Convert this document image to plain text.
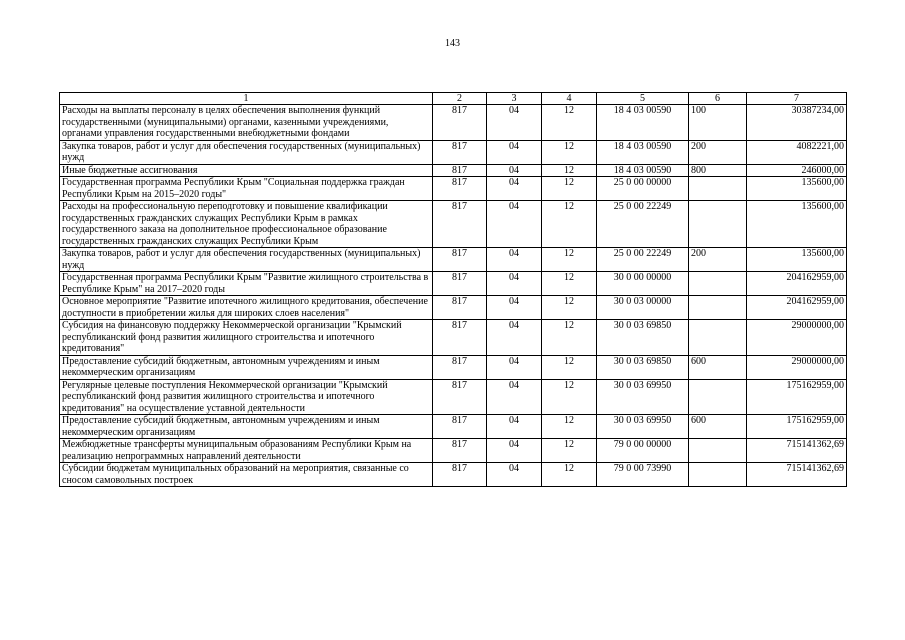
143
1	2	3	4	5	6	7
Расходы на выплаты персоналу в целях обеспечения выполнения функций государственными (муниципальными) органами, казенными учреждениями, органами управления государственными внебюджетными фондами	817	04	12	18 4 03 00590	100	30387234,00
Закупка товаров, работ и услуг для обеспечения государственных (муниципальных) нужд	817	04	12	18 4 03 00590	200	4082221,00
Иные бюджетные ассигнования	817	04	12	18 4 03 00590	800	246000,00
Государственная программа Республики Крым "Социальная поддержка граждан Республики Крым на 2015–2020 годы"	817	04	12	25 0 00 00000		135600,00
Расходы на профессиональную переподготовку и повышение квалификации государственных гражданских служащих Республики Крым в рамках государственного заказа на дополнительное профессиональное образование государственных гражданских служащих Республики Крым	817	04	12	25 0 00 22249		135600,00
Закупка товаров, работ и услуг для обеспечения государственных (муниципальных) нужд	817	04	12	25 0 00 22249	200	135600,00
Государственная программа Республики Крым "Развитие жилищного строительства в Республике Крым" на 2017–2020 годы	817	04	12	30 0 00 00000		204162959,00
Основное мероприятие "Развитие ипотечного жилищного кредитования, обеспечение доступности в приобретении жилья для широких слоев населения"	817	04	12	30 0 03 00000		204162959,00
Субсидия на финансовую поддержку Некоммерческой организации "Крымский республиканский фонд развития жилищного строительства и ипотечного кредитования"	817	04	12	30 0 03 69850		29000000,00
Предоставление субсидий бюджетным, автономным учреждениям и иным некоммерческим организациям	817	04	12	30 0 03 69850	600	29000000,00
Регулярные целевые поступления Некоммерческой организации "Крымский республиканский фонд развития жилищного строительства и ипотечного кредитования" на осуществление уставной деятельности	817	04	12	30 0 03 69950		175162959,00
Предоставление субсидий бюджетным, автономным учреждениям и иным некоммерческим организациям	817	04	12	30 0 03 69950	600	175162959,00
Межбюджетные трансферты муниципальным образованиям Республики Крым на реализацию непрограммных направлений деятельности	817	04	12	79 0 00 00000		715141362,69
Субсидии бюджетам муниципальных образований на мероприятия, связанные со сносом самовольных построек	817	04	12	79 0 00 73990		715141362,69
